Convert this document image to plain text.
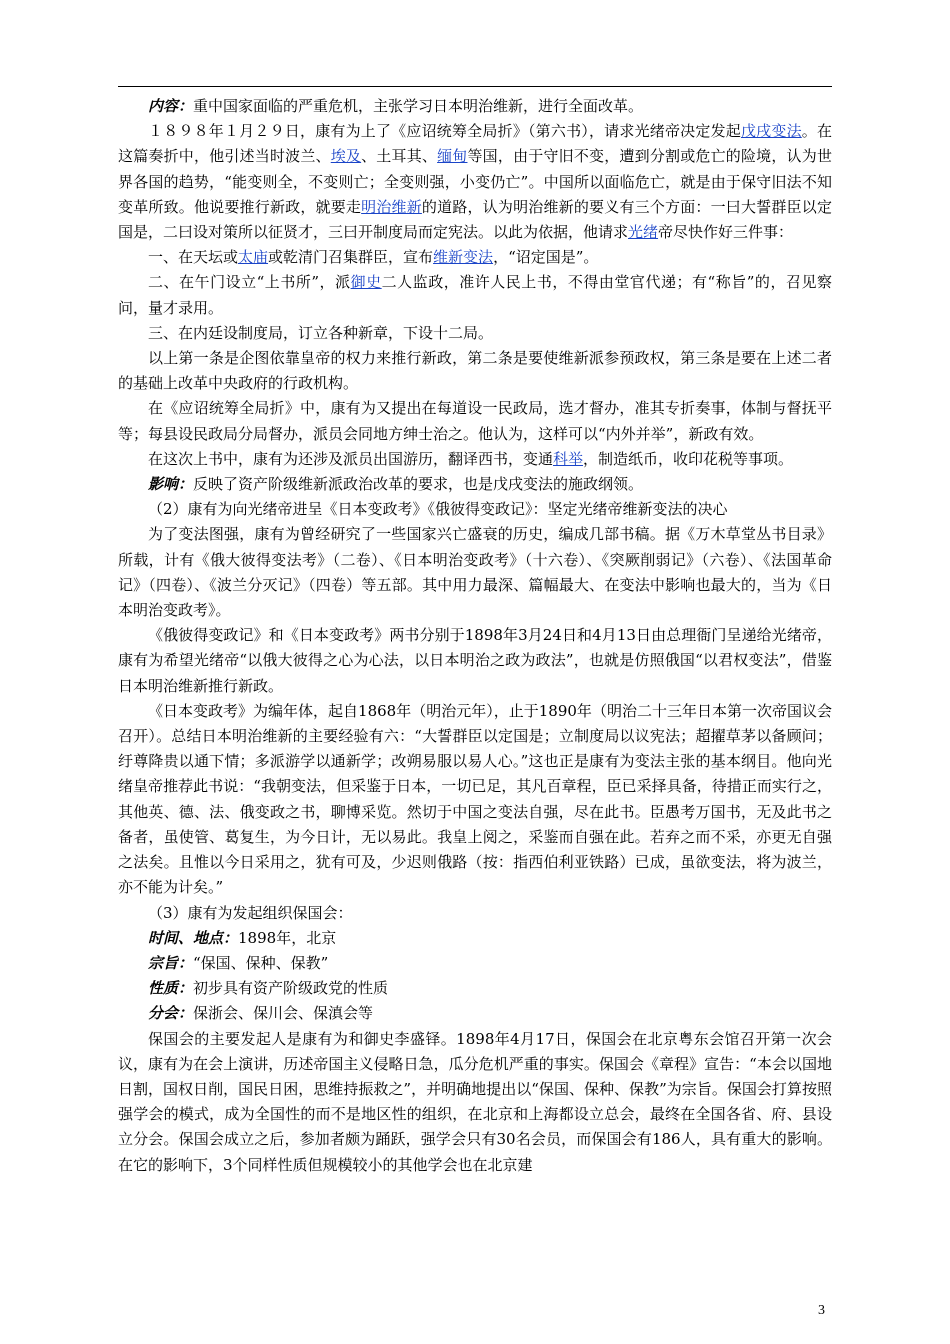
内容：重中国家面临的严重危机，主张学习日本明治维新，进行全面改革。

１８９８年１月２９日，康有为上了《应诏统筹全局折》（第六书），请求光绪帝决定发起戊戌变法。在这篇奏折中，他引述当时波兰、埃及、土耳其、缅甸等国，由于守旧不变，遭到分割或危亡的险境，认为世界各国的趋势，“能变则全，不变则亡；全变则强，小变仍亡”。中国所以面临危亡，就是由于保守旧法不知变革所致。他说要推行新政，就要走明治维新的道路，认为明治维新的要义有三个方面：一曰大誓群臣以定国是，二曰设对策所以征贤才，三曰开制度局而定宪法。以此为依据，他请求光绪帝尽快作好三件事：

一、在天坛或太庙或乾清门召集群臣，宣布维新变法，“诏定国是”。

二、在午门设立“上书所”，派御史二人监政，准许人民上书，不得由堂官代递；有“称旨”的，召见察问，量才录用。

三、在内廷设制度局，订立各种新章，下设十二局。

以上第一条是企图依靠皇帝的权力来推行新政，第二条是要使维新派参预政权，第三条是要在上述二者的基础上改革中央政府的行政机构。

在《应诏统筹全局折》中，康有为又提出在每道设一民政局，选才督办，准其专折奏事，体制与督抚平等；每县设民政局分局督办，派员会同地方绅士治之。他认为，这样可以“内外并举”，新政有效。

在这次上书中，康有为还涉及派员出国游历，翻译西书，变通科举，制造纸币，收印花税等事项。

影响：反映了资产阶级维新派政治改革的要求，也是戊戌变法的施政纲领。

（2）康有为向光绪帝进呈《日本变政考》《俄彼得变政记》：坚定光绪帝维新变法的决心

为了变法图强，康有为曾经研究了一些国家兴亡盛衰的历史，编成几部书稿。据《万木草堂丛书目录》所载，计有《俄大彼得变法考》（二卷）、《日本明治变政考》（十六卷）、《突厥削弱记》（六卷）、《法国革命记》（四卷）、《波兰分灭记》（四卷）等五部。其中用力最深、篇幅最大、在变法中影响也最大的，当为《日本明治变政考》。

《俄彼得变政记》和《日本变政考》两书分别于1898年3月24日和4月13日由总理衙门呈递给光绪帝，康有为希望光绪帝“以俄大彼得之心为心法，以日本明治之政为政法”，也就是仿照俄国“以君权变法”，借鉴日本明治维新推行新政。

《日本变政考》为编年体，起自1868年（明治元年），止于1890年（明治二十三年日本第一次帝国议会召开）。总结日本明治维新的主要经验有六：“大誓群臣以定国是；立制度局以议宪法；超擢草茅以备顾问；纡尊降贵以通下情；多派游学以通新学；改朔易服以易人心。”这也正是康有为变法主张的基本纲目。他向光绪皇帝推荐此书说：“我朝变法，但采鉴于日本，一切已足，其凡百章程，臣已采择具备，待措正而实行之，其他英、德、法、俄变政之书，聊博采览。然切于中国之变法自强，尽在此书。臣愚考万国书，无及此书之备者，虽使管、葛复生，为今日计，无以易此。我皇上阅之，采鉴而自强在此。若弃之而不采，亦更无自强之法矣。且惟以今日采用之，犹有可及，少迟则俄路（按：指西伯利亚铁路）已成，虽欲变法，将为波兰，亦不能为计矣。”

（3）康有为发起组织保国会：

时间、地点：1898年，北京

宗旨：“保国、保种、保教”

性质：初步具有资产阶级政党的性质

分会：保浙会、保川会、保滇会等

保国会的主要发起人是康有为和御史李盛铎。1898年4月17日，保国会在北京粤东会馆召开第一次会议，康有为在会上演讲，历述帝国主义侵略日急，瓜分危机严重的事实。保国会《章程》宣告：“本会以国地日割，国权日削，国民日困，思维持振救之”，并明确地提出以“保国、保种、保教”为宗旨。保国会打算按照强学会的模式，成为全国性的而不是地区性的组织，在北京和上海都设立总会，最终在全国各省、府、县设立分会。保国会成立之后，参加者颇为踊跃，强学会只有30名会员，而保国会有186人，具有重大的影响。在它的影响下，3个同样性质但规模较小的其他学会也在北京建

3
